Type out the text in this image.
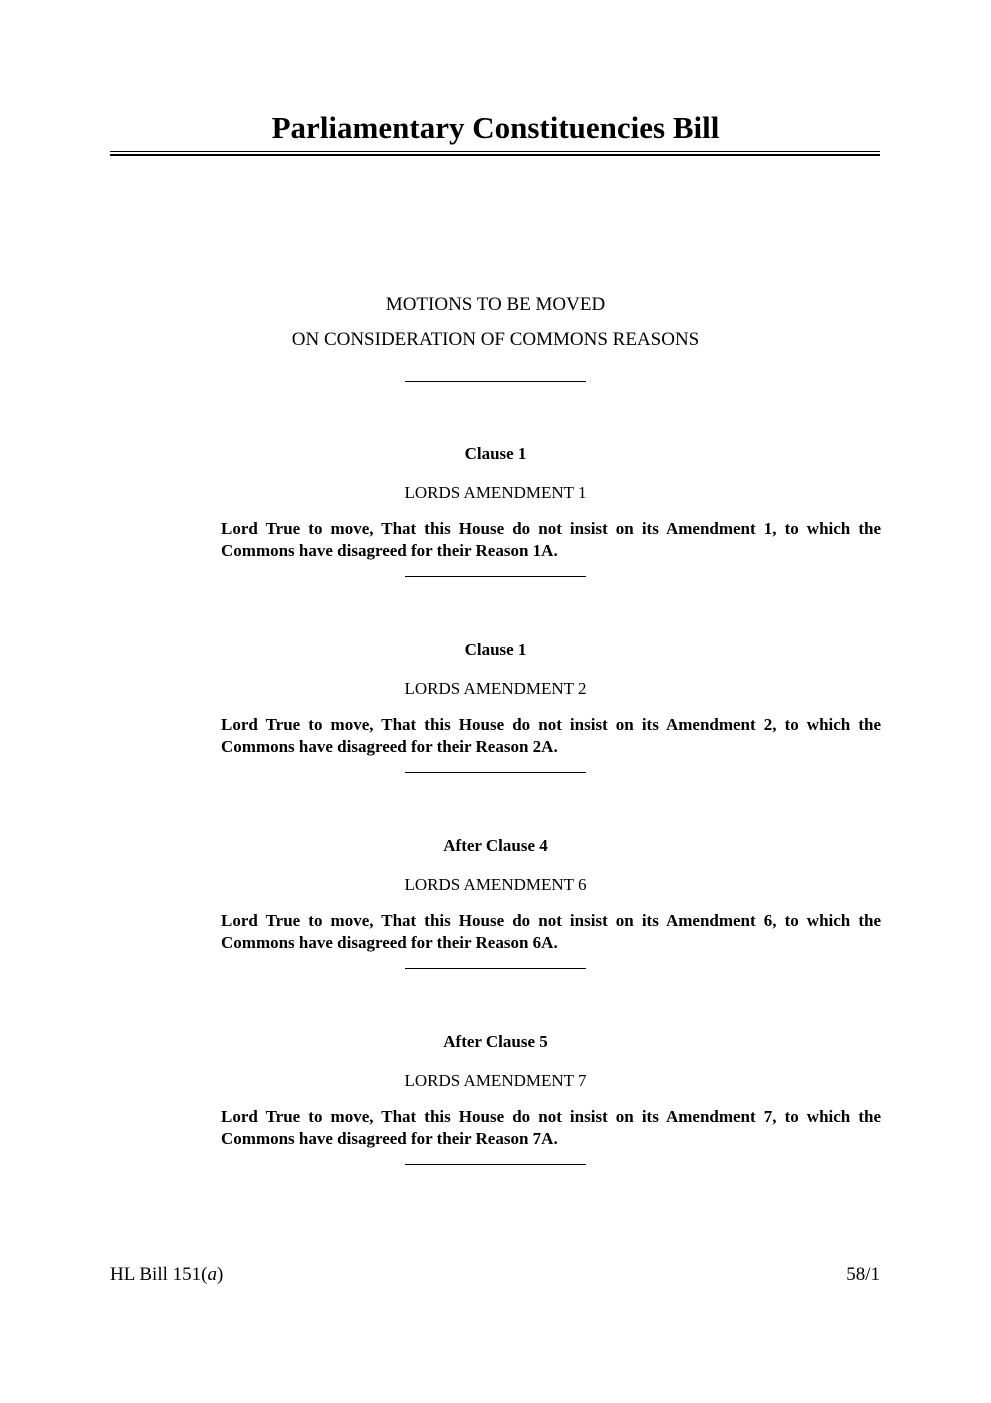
Parliamentary Constituencies Bill
MOTIONS TO BE MOVED
ON CONSIDERATION OF COMMONS REASONS
Clause 1
LORDS AMENDMENT 1
Lord True to move, That this House do not insist on its Amendment 1, to which the Commons have disagreed for their Reason 1A.
Clause 1
LORDS AMENDMENT 2
Lord True to move, That this House do not insist on its Amendment 2, to which the Commons have disagreed for their Reason 2A.
After Clause 4
LORDS AMENDMENT 6
Lord True to move, That this House do not insist on its Amendment 6, to which the Commons have disagreed for their Reason 6A.
After Clause 5
LORDS AMENDMENT 7
Lord True to move, That this House do not insist on its Amendment 7, to which the Commons have disagreed for their Reason 7A.
HL Bill 151(a)	58/1
